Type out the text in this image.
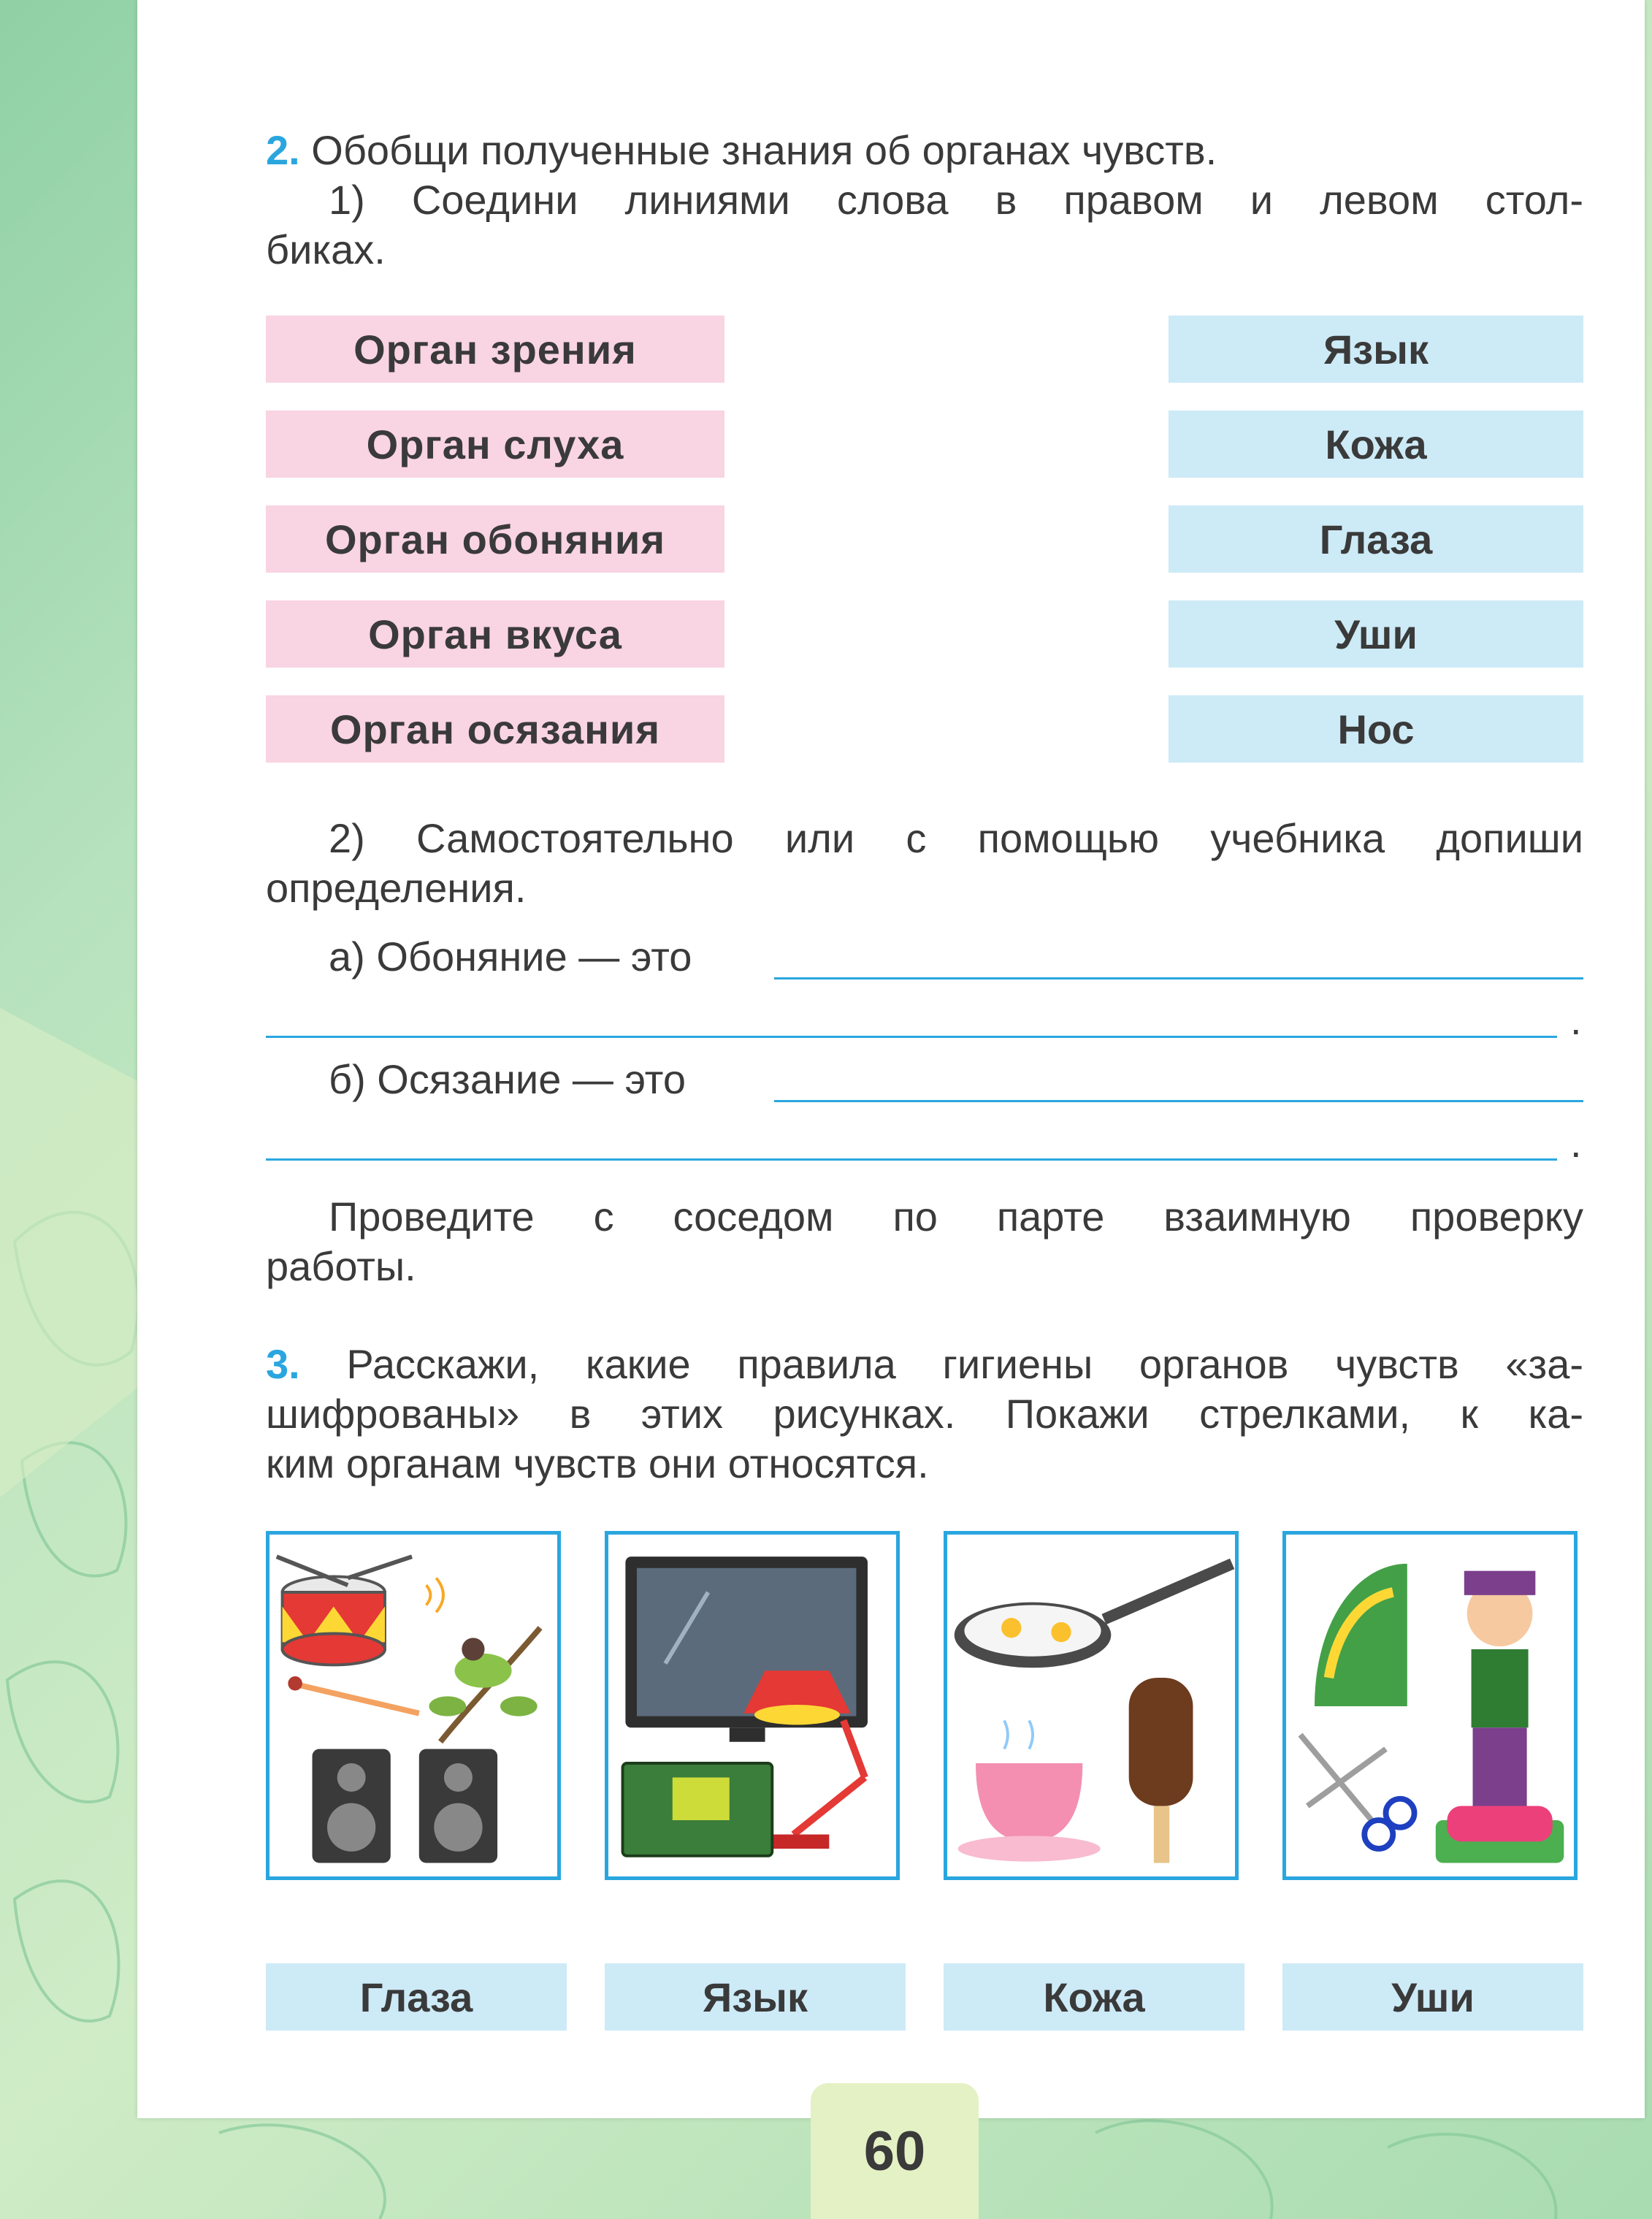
2. Обобщи полученные знания об органах чувств.
1) Соедини линиями слова в правом и левом стол-
биках.
Орган зрения
Орган слуха
Орган обоняния
Орган вкуса
Орган осязания
Язык
Кожа
Глаза
Уши
Нос
2) Самостоятельно или с помощью учебника допиши
определения.
а) Обоняние — это
.
б) Осязание — это
.
Проведите с соседом по парте взаимную проверку
работы.
3. Расскажи, какие правила гигиены органов чувств «за-
шифрованы» в этих рисунках. Покажи стрелками, к ка-
ким органам чувств они относятся.
Глаза	Язык	Кожа	Уши
60
